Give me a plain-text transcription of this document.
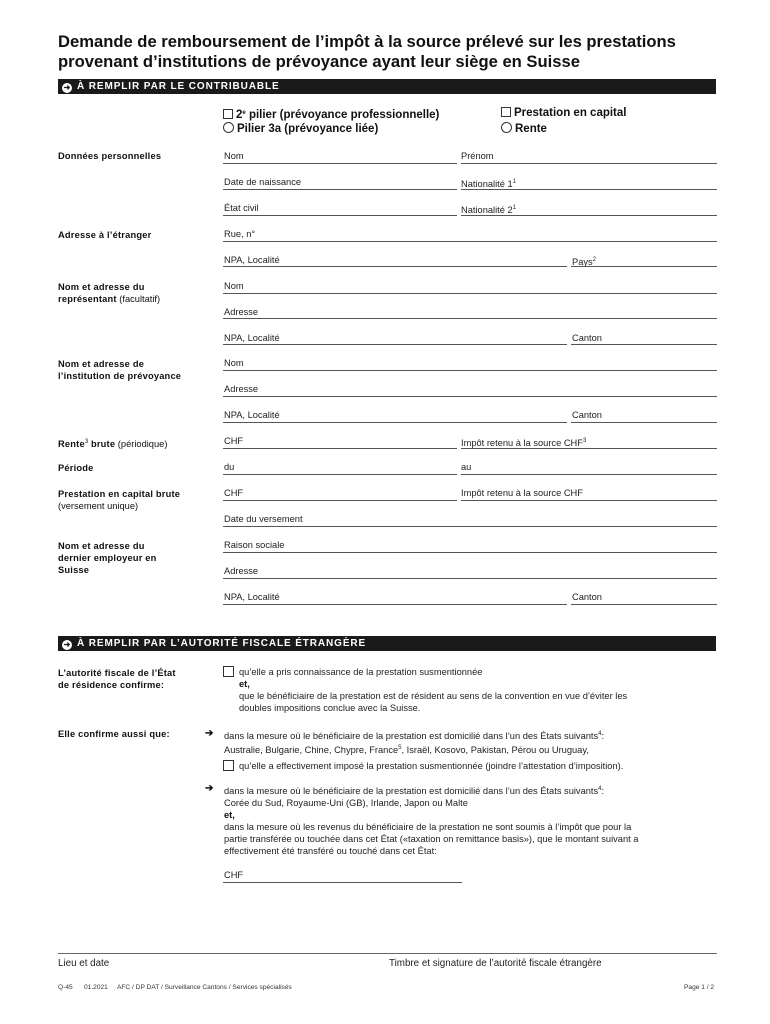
Demande de remboursement de l’impôt à la source prélevé sur les prestations
provenant d’institutions de prévoyance ayant leur siège en Suisse
➜ À REMPLIR PAR LE CONTRIBUABLE
2e pilier (prévoyance professionnelle)
Pilier 3a (prévoyance liée)
Prestation en capital
Rente
Données personnelles	Nom	Prénom
Date de naissance	Nationalité $1^1$
État civil	Nationalité $2^1$
Adresse à l’étranger	Rue, n°
NPA, Localité	Pays$^2$
Nom et adresse du
représentant (facultatif)
Nom
Adresse
NPA, Localité	Canton
Nom et adresse de
l’institution de prévoyance
Nom
Adresse
NPA, Localité	Canton
Rente$^3$ brute (périodique)	CHF	Impôt retenu à la source CHF$^3$
Période	du	au
Prestation en capital brute
(versement unique)
CHF	Impôt retenu à la source CHF
Date du versement
Nom et adresse du
dernier employeur en
Suisse
Raison sociale
Adresse
NPA, Localité	Canton
➜ À REMPLIR PAR L’AUTORITÉ FISCALE ÉTRANGÈRE
L’autorité fiscale de l’État
de résidence confirme:
qu’elle a pris connaissance de la prestation susmentionnée
et,
que le bénéficiaire de la prestation est de résident au sens de la convention en vue d’éviter les
doubles impositions conclue avec la Suisse.
Elle confirme aussi que:	➔ dans la mesure où le bénéficiaire de la prestation est domicilié dans l’un des États suivants$^4$:
Australie, Bulgarie, Chine, Chypre, France$^5$, Israël, Kosovo, Pakistan, Pérou ou Uruguay,
qu’elle a effectivement imposé la prestation susmentionnée (joindre l’attestation d’imposition).
➔ dans la mesure où le bénéficiaire de la prestation est domicilié dans l’un des États suivants$^4$:
Corée du Sud, Royaume-Uni (GB), Irlande, Japon ou Malte
et,
dans la mesure où les revenus du bénéficiaire de la prestation ne sont soumis à l’impôt que pour la
partie transférée ou touchée dans cet État («taxation on remittance basis»), que le montant suivant a
effectivement été transféré ou touché dans cet État:
CHF
Lieu et date	Timbre et signature de l’autorité fiscale étrangère
Q-45 01.2021 AFC / DP DAT / Surveillance Cantons / Services spécialisés	Page 1 / 2
